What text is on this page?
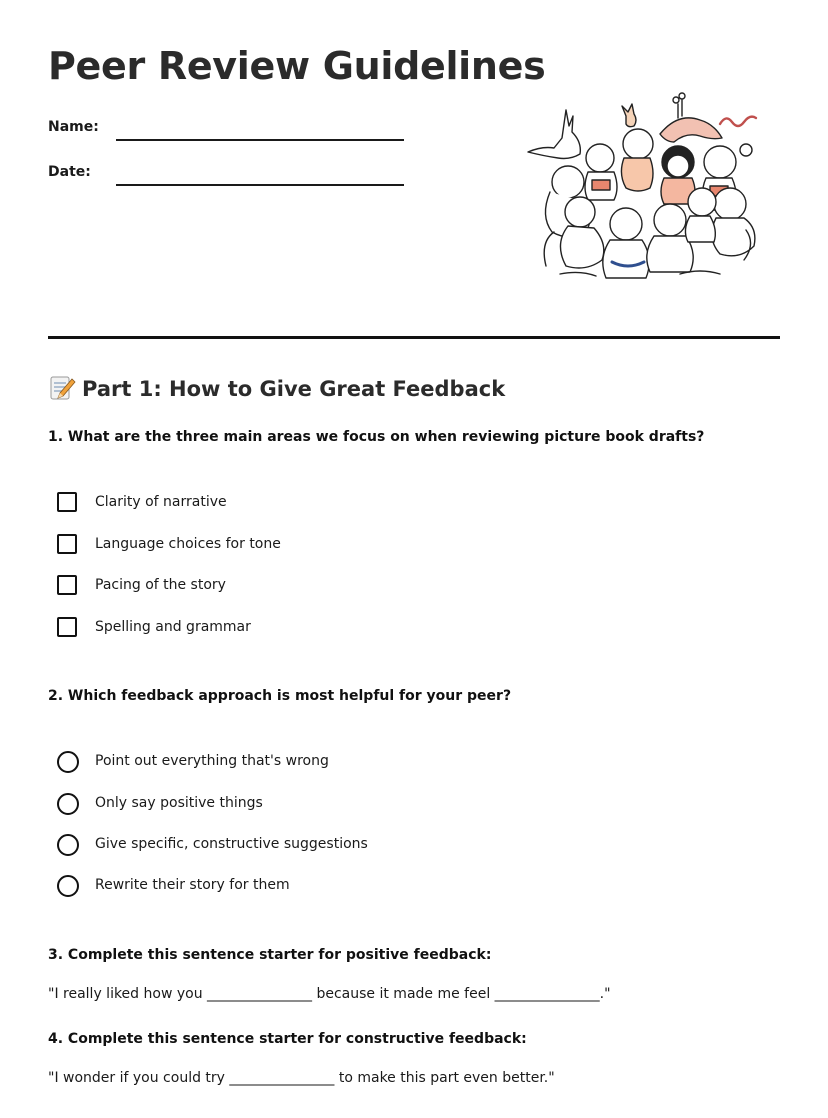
Peer Review Guidelines
Name:
Date:
Part 1: How to Give Great Feedback
1. What are the three main areas we focus on when reviewing picture book drafts?
Clarity of narrative
Language choices for tone
Pacing of the story
Spelling and grammar
2. Which feedback approach is most helpful for your peer?
Point out everything that's wrong
Only say positive things
Give specific, constructive suggestions
Rewrite their story for them
3. Complete this sentence starter for positive feedback:
"I really liked how you _______________ because it made me feel _______________."
4. Complete this sentence starter for constructive feedback:
"I wonder if you could try _______________ to make this part even better."
